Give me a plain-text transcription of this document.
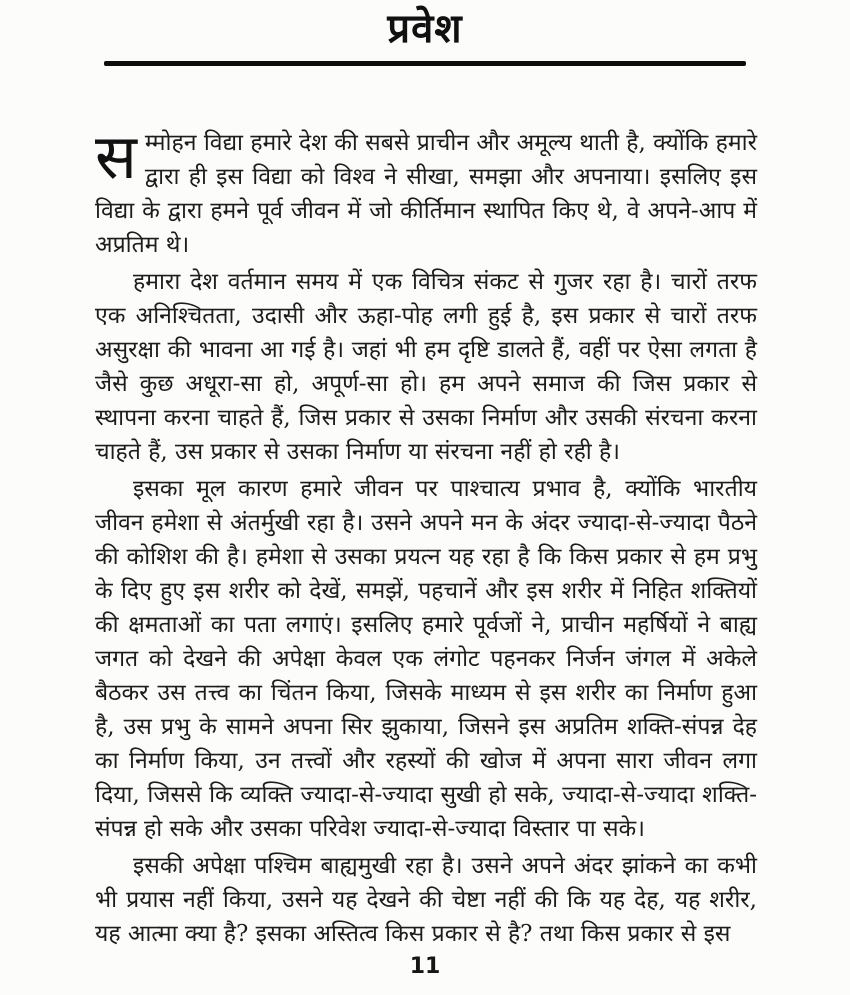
प्रवेश

सम्मोहन विद्या हमारे देश की सबसे प्राचीन और अमूल्य थाती है, क्योंकि हमारे द्वारा ही इस विद्या को विश्व ने सीखा, समझा और अपनाया। इसलिए इस विद्या के द्वारा हमने पूर्व जीवन में जो कीर्तिमान स्थापित किए थे, वे अपने-आप में अप्रतिम थे।

हमारा देश वर्तमान समय में एक विचित्र संकट से गुजर रहा है। चारों तरफ एक अनिश्चितता, उदासी और ऊहा-पोह लगी हुई है, इस प्रकार से चारों तरफ असुरक्षा की भावना आ गई है। जहां भी हम दृष्टि डालते हैं, वहीं पर ऐसा लगता है जैसे कुछ अधूरा-सा हो, अपूर्ण-सा हो। हम अपने समाज की जिस प्रकार से स्थापना करना चाहते हैं, जिस प्रकार से उसका निर्माण और उसकी संरचना करना चाहते हैं, उस प्रकार से उसका निर्माण या संरचना नहीं हो रही है।

इसका मूल कारण हमारे जीवन पर पाश्चात्य प्रभाव है, क्योंकि भारतीय जीवन हमेशा से अंतर्मुखी रहा है। उसने अपने मन के अंदर ज्यादा-से-ज्यादा पैठने की कोशिश की है। हमेशा से उसका प्रयत्न यह रहा है कि किस प्रकार से हम प्रभु के दिए हुए इस शरीर को देखें, समझें, पहचानें और इस शरीर में निहित शक्तियों की क्षमताओं का पता लगाएं। इसलिए हमारे पूर्वजों ने, प्राचीन महर्षियों ने बाह्य जगत को देखने की अपेक्षा केवल एक लंगोट पहनकर निर्जन जंगल में अकेले बैठकर उस तत्त्व का चिंतन किया, जिसके माध्यम से इस शरीर का निर्माण हुआ है, उस प्रभु के सामने अपना सिर झुकाया, जिसने इस अप्रतिम शक्ति-संपन्न देह का निर्माण किया, उन तत्त्वों और रहस्यों की खोज में अपना सारा जीवन लगा दिया, जिससे कि व्यक्ति ज्यादा-से-ज्यादा सुखी हो सके, ज्यादा-से-ज्यादा शक्ति-संपन्न हो सके और उसका परिवेश ज्यादा-से-ज्यादा विस्तार पा सके।

इसकी अपेक्षा पश्चिम बाह्यमुखी रहा है। उसने अपने अंदर झांकने का कभी भी प्रयास नहीं किया, उसने यह देखने की चेष्टा नहीं की कि यह देह, यह शरीर, यह आत्मा क्या है? इसका अस्तित्व किस प्रकार से है? तथा किस प्रकार से इस

11
